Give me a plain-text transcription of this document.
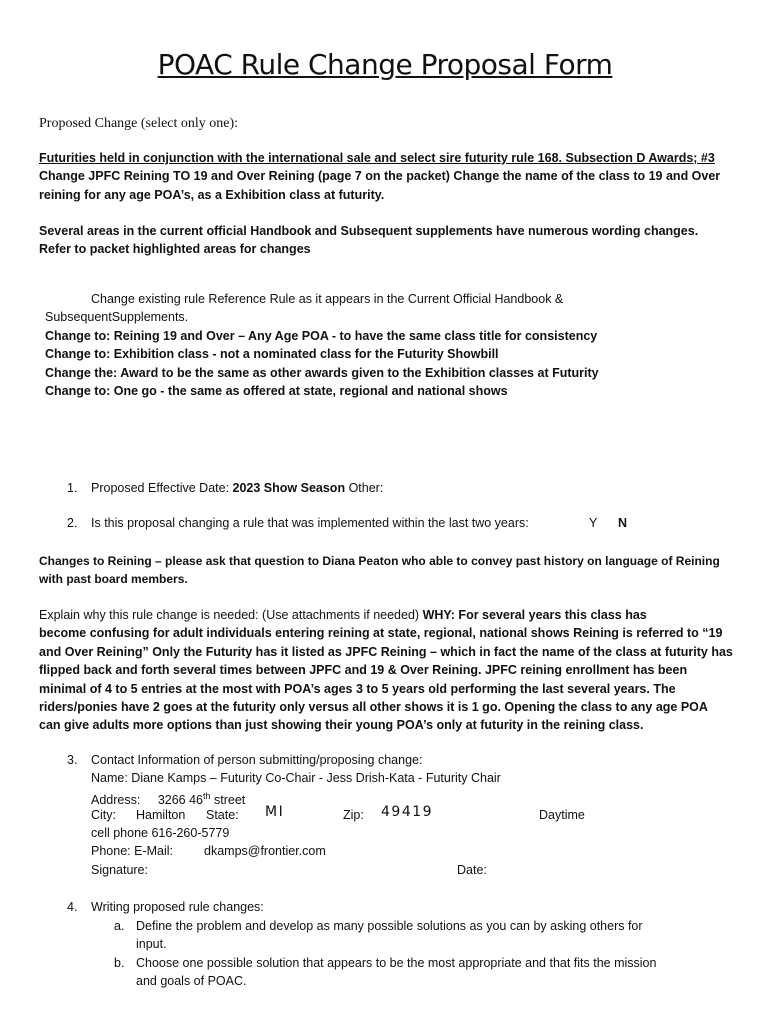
POAC Rule Change Proposal Form
Proposed Change (select only one):
Futurities held in conjunction with the international sale and select sire futurity rule 168. Subsection D Awards; #3
Change JPFC Reining TO 19 and Over Reining (page 7 on the packet) Change the name of the class to 19 and Over
reining for any age POA’s, as a Exhibition class at futurity.
Several areas in the current official Handbook and Subsequent supplements have numerous wording changes.
Refer to packet highlighted areas for changes
Change existing rule Reference Rule as it appears in the Current Official Handbook &
SubsequentSupplements.
Change to: Reining 19 and Over – Any Age POA - to have the same class title for consistency
Change to: Exhibition class - not a nominated class for the Futurity Showbill
Change the: Award to be the same as other awards given to the Exhibition classes at Futurity
Change to: One go - the same as offered at state, regional and national shows
1. Proposed Effective Date: 2023 Show Season Other:
2. Is this proposal changing a rule that was implemented within the last two years:	Y N
Changes to Reining – please ask that question to Diana Peaton who able to convey past history on language of Reining
with past board members.
Explain why this rule change is needed: (Use attachments if needed) WHY: For several years this class has
become confusing for adult individuals entering reining at state, regional, national shows Reining is referred to “19
and Over Reining” Only the Futurity has it listed as JPFC Reining – which in fact the name of the class at futurity has
flipped back and forth several times between JPFC and 19 & Over Reining. JPFC reining enrollment has been
minimal of 4 to 5 entries at the most with POA’s ages 3 to 5 years old performing the last several years. The
riders/ponies have 2 goes at the futurity only versus all other shows it is 1 go. Opening the class to any age POA
can give adults more options than just showing their young POA’s only at futurity in the reining class.
3. Contact Information of person submitting/proposing change:
Name: Diane Kamps – Futurity Co-Chair - Jess Drish-Kata - Futurity Chair
Address: 3266 46th street
City: Hamilton State: MI	Zip: 49419	Daytime
cell phone 616-260-5779
Phone: E-Mail: dkamps@frontier.com
Signature:	Date:
4. Writing proposed rule changes:
a. Define the problem and develop as many possible solutions as you can by asking others for
input.
b. Choose one possible solution that appears to be the most appropriate and that fits the mission
and goals of POAC.
